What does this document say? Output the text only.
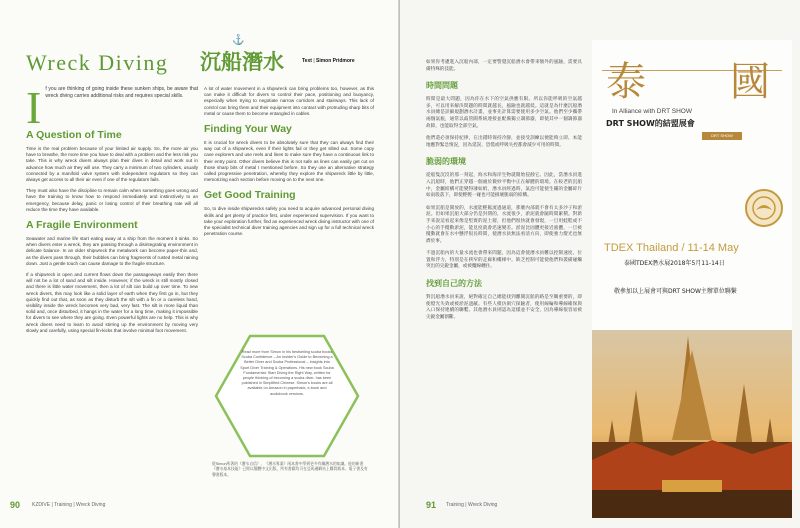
Wreck Diving
⚓
沉船潛水	Text | Simon Pridmore

I f you are thinking of going inside these sunken ships, be aware that wreck diving carries additional risks and requires special skills.

A Question of Time

Time is the real problem because of your limited air supply. So, the more air you have to breathe, the more time you have to deal with a problem and the less risk you take. This is why wreck divers always plan their dives in detail and work out in advance how much air they will use. They carry a minimum of two cylinders, usually connected by a manifold valve system with independent regulators so they can always get access to all their air even if one of the regulators fails.

They must also have the discipline to remain calm when something goes wrong and have the training to know how to respond immediately and instinctively to an emergency, because delay, panic or losing control of their breathing rate will all reduce the time they have available.

A Fragile Environment

Seawater and marine life start eating away at a ship from the moment it sinks. So when divers enter a wreck, they are passing through a disintegrating environment in delicate balance. In an older shipwreck the metalwork can become paper-thin and, as the divers pass through, their bubbles can bring fragments of rusted metal raining down. Just a gentle touch can cause damage to the fragile structure.

If a shipwreck is open and current flows down the passageways easily then there will not be a lot of sand and silt inside. However, if the wreck is still mostly closed and there is little water movement, then a lot of silt can build up over time. To new wreck divers, this may look like a solid layer of earth when they first go in, but they quickly find out that, as soon as they disturb the silt with a fin or a careless hand, visibility inside the wreck becomes very bad, very fast. The silt is more liquid than solid and, once disturbed, it hangs in the water for a long time, making it impossible for divers to see where they are going. Even powerful lights are no help. This is why wreck divers need to learn to avoid stirring up the environment by moving very slowly and carefully, using special fin-kicks that involve minimal foot movement.

A lot of water movement in a shipwreck can bring problems too, however, as this can make it difficult for divers to control their pace, positioning and buoyancy, especially when trying to negotiate narrow corridors and stairways. This lack of control can bring them and their equipment into contact with protruding sharp bits of metal or cause them to become entangled in cables.

Finding Your Way

It is crucial for wreck divers to be absolutely sure that they can always find their way out of a shipwreck, even if their lights fail or they get silted out. Some copy cave explorers and use reels and lines to make sure they have a continuous link to their entry point. Other divers believe this is not safe as lines can easily get cut on those sharp bits of metal I mentioned before. So they use an alternative strategy called progressive penetration, whereby they explore the shipwreck little by little, memorizing each section before moving on to the next one.

Get Good Training

So, to dive inside shipwrecks safely you need to acquire advanced personal diving skills and get plenty of practice first, under experienced supervision. If you want to take your exploration further, find an experienced wreck diving instructor with one of the specialist technical diver training agencies and sign up for a full technical wreck penetration course.

Read more from Simon in his bestselling scuba books Scuba Confidence – An Insider's Guide to Becoming a Better Diver and Scuba Professional – Insights into Sport Diver Training & Operations. His new book Scuba Fundamental: Start Diving the Right Way, written for people thinking of becoming a scuba diver, has been published in Simplified Chinese. Simon's books are all available on Amazon in paperback, e-book and audiobook versions.
從Simon所著的《潛水自信》、《潛水專業》兩本書中學到更多有關潛水的知識。他的新書《潛水基本技能》已經以簡體中文出版，所有書籍均可在亞馬遜網站上購買紙本、電子書及有聲書版本。
90 KZDIVE | Training | Wreck Diving

如果你考慮進入沉船內部，一定要警覺沉船潛水會帶來額外的風險，需要具備特殊的技能。

時間問題

時間是最大問題，因為你在水下的空氣供應有限。所以你能呼吸的空氣越多，可以用來解決問題的時間就越長，風險也就越低。這就是為什麼沉船潛水員總是詳細規劃潛水計畫，並事先計算需要使用多少空氣。他們至少攜帶兩個氣瓶，通常以歧管閥系統連接並配備獨立調節器，即使其中一個調節器故障，也能取得全部空氣。

他們還必須保持紀律，在出錯時保持冷靜，並接受訓練以便能夠立即、本能地應對緊急情況，因為延誤、恐慌或呼吸失控都會減少可用的時間。

脆弱的環境

從船隻沉沒的那一刻起，海水和海洋生物就開始侵蝕它。因此，當潛水員進入沉船時，他們正穿越一個處於微妙平衡中正在解體的環境。在較老的沉船中，金屬結構可能變得薄如紙，潛水員經過時，氣泡可能使生鏽的金屬碎片如雨般落下，即使輕輕一碰也可能損壞脆弱的結構。

如果沉船是開放的，水流能輕鬆流過通道，那麼內部就不會有太多沙子和淤泥。但如果沉船大部分仍是封閉的，水流很少，淤泥就會隨時間累積。對新手來說這看起來像是堅實的泥土層，但他們很快就會發現，一旦用蛙鞋或不小心的手攪動淤泥，能見度就會迅速變差。淤泥比固體更接近液體，一旦被攪動就會在水中懸浮很長時間，使潛水員無法看清方向，即使強力燈光也無濟於事。

不過沉船內的大量水流也會帶來問題，因為這會使潛水員難以控制速度、位置和浮力，特別是在狹窄的走廊和樓梯中。缺乏控制可能使他們和裝備碰觸突出的尖銳金屬，或被纜線纏住。

找到自己的方法

對沉船潛水員來說，絕對確定自己總能找到離開沉船的路是至關重要的，即使燈光失效或被淤泥遮蔽。有些人模仿洞穴探險者，使用線輪和導線確保與入口保持連續的聯繫。其他潛水員則認為這樣並不安全，因為導線很容易被尖銳金屬割斷。

91 Training | Wreck Diving
泰 國
In Alliance with DRT SHOW
DRT SHOW的結盟展會
DRT SHOW
TDEX Thailand / 11-14 May
泰國TDEX潛水展2018年5月11-14日
敬參加以上展會可與DRT SHOW主辦單位聯繫
